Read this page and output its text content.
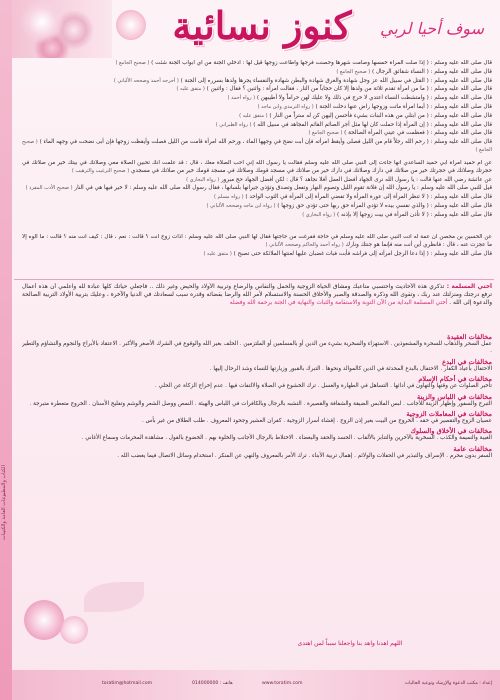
الكتاب والمطبوعات العامة والكتيبات
كنوز نسائية	سوف أحيا لربي

قال صلى الله عليه وسلم : ( إذا صلت المرأة خمسها وصامت شهرها وحصنت فرجها وأطاعت زوجها قيل لها : ادخلي الجنة من أي أبواب الجنة شئت ) ( صحيح الجامع )

قال صلى الله عليه وسلم : ( النساء شقائق الرجال ) ( صحيح الجامع )

قال صلى الله عليه وسلم : ( القتل في سبيل الله عز وجل شهادة والغرق شهادة والبطن شهادة والنفساء يجرها ولدها بسرره إلى الجنة ) ( أخرجه أحمد وصححه الألباني )

قال صلى الله عليه وسلم : ( ما من امرأة تقدم ثلاثة من ولدها إلا كان حجاباً من النار ، فقالت امرأة : واثنين ؟ فقال : واثنين ) ( متفق عليه )

قال صلى الله عليه وسلم : ( وامتشطت النساء اعتدي لا حرج في ذلك ولا عليك لهن حراماً ولا أطيبهن ) ( رواه أحمد )

قال صلى الله عليه وسلم : ( أيما امرأة ماتت وزوجها راض عنها دخلت الجنة ) ( رواه الترمذي وابن ماجه )

قال صلى الله عليه وسلم : ( من ابتلي من هذه البنات بشيء فأحسن إليهن كن له ستراً من النار ) ( متفق عليه )

قال صلى الله عليه وسلم : ( إن المرأة إذا حملت كان لها مثل أجر الصائم القائم المجاهد في سبيل الله ) ( رواه الطبراني )

قال صلى الله عليه وسلم : ( فعظمت في عيني المرأة الصالحة ) ( صحيح الجامع )

قال صلى الله عليه وسلم : ( رحم الله رجلاً قام من الليل فصلى وأيقظ امرأته فإن أبت نضح في وجهها الماء ، ورحم الله امرأة قامت من الليل فصلت وأيقظت زوجها فإن أبى نضحت في وجهه الماء ) ( صحيح الجامع )

عن أم حميد امرأة أبي حميد الساعدي أنها جاءت إلى النبي صلى الله عليه وسلم فقالت يا رسول الله إني أحب الصلاة معك ، قال : قد علمت أنك تحبين الصلاة معي وصلاتك في بيتك خير من صلاتك في حجرتك وصلاتك في حجرتك خير من صلاتك في دارك وصلاتك في دارك خير من صلاتك في مسجد قومك وصلاتك في مسجد قومك خير من صلاتك في مسجدي ( صحيح الترغيب والترهيب )

عن عائشة رضي الله عنها قالت : يا رسول الله نرى الجهاد أفضل العمل أفلا نجاهد ؟ قال : لكن أفضل الجهاد حج مبرور ( رواه البخاري )

قيل للنبي صلى الله عليه وسلم : يا رسول الله إن فلانة تقوم الليل وتصوم النهار وتفعل وتصدق وتؤذي جيرانها بلسانها ، فقال رسول الله صلى الله عليه وسلم : لا خير فيها هي في النار ( صحيح الأدب المفرد )

قال صلى الله عليه وسلم : ( لا تنظر المرأة إلى عورة المرأة ولا تفضي المرأة إلى المرأة في الثوب الواحد ) ( رواه مسلم )

قال صلى الله عليه وسلم : ( والذي نفسي بيده لا تؤدي المرأة حق ربها حتى تؤدي حق زوجها ) ( رواه ابن ماجه وصححه الألباني )

قال صلى الله عليه وسلم : ( لا تأذن المرأة في بيت زوجها إلا بإذنه ) ( رواه البخاري )

عن الحسين بن محصن أن عمة له أتت النبي صلى الله عليه وسلم في حاجة ففرغت من حاجتها فقال لها النبي صلى الله عليه وسلم : أذات زوج أنت ؟ قالت : نعم ، قال : كيف أنت منه ؟ قالت : ما آلوه إلا ما عجزت عنه ، قال : فانظري أين أنت منه فإنما هو جنتك ونارك ( رواه أحمد والحاكم وصححه الألباني )

قال صلى الله عليه وسلم : ( إذا دعا الرجل امرأته إلى فراشه فأبت فبات غضبان عليها لعنتها الملائكة حتى تصبح ) ( متفق عليه )

أختي المسلمة : تذكري هذه الأحاديث واحتسبي متاعبك ومشاق الحياة الزوجية والحمل والنفاس والرضاع وتربية الأولاد والحيض وغير ذلك .. فاجعلي حياتك كلها عبادة لله واعلمي أن هذه أعمال ترفع درجتك ومنزلتك عند ربك ، وتقوى الله وذكره والصدقة والصبر والأخلاق الحسنة والاستسلام لأمر الله والرضا بقضائه وقدره سبب لسعادتك في الدنيا والآخرة ، وعليك بتربية الأولاد التربية الصالحة والدعوة إلى الله . أختي المسلمة البداية من الآن التوبة والاستقامة والثبات والنهاية في الجنة برحمة الله وفضله
مخالفات العقيدة
عمل السحر والذهاب للسحرة والمشعوذين . الاستهزاء والسخرية بشيء من الدين أو بالمسلمين أو الملتزمين . الحلف بغير الله والوقوع في الشرك الأصغر والأكبر . الاعتقاد بالأبراج والنجوم والتشاؤم والتطير .
مخالفات في البدع
الاحتفال بأعياد الكفار . الاحتفال بالبدع المحدثة في الدين كالموالد ونحوها . التبرك بالقبور وزيارتها للنساء وشد الرحال إليها .
مخالفات في أحكام الإسلام
تأخير الصلوات عن وقتها والتهاون في أدائها . التساهل في الطهارة والغسل . ترك الخشوع في الصلاة والالتفات فيها . عدم إخراج الزكاة عن الحلي .
مخالفات في اللباس والزينة
التبرج والسفور وإظهار الزينة للأجانب . لبس الملابس الضيقة والشفافة والقصيرة . التشبه بالرجال وبالكافرات في اللباس والهيئة . النمص ووصل الشعر والوشم وتفليج الأسنان . الخروج متعطرة متبرجة .
مخالفات في المعاملات الزوجية
عصيان الزوج والتقصير في حقه . الخروج من البيت بغير إذن الزوج . إفشاء أسرار الزوجية . كفران العشير وجحود المعروف . طلب الطلاق من غير بأس .
مخالفات في الأخلاق والسلوك
الغيبة والنميمة والكذب . السخرية بالآخرين والتنابز بالألقاب . الحسد والحقد والبغضاء . الاختلاط بالرجال الأجانب والخلوة بهم . الخضوع بالقول . مشاهدة المحرمات وسماع الأغاني .
مخالفات عامة
السفر بدون محرم . الإسراف والتبذير في الحفلات والولائم . إهمال تربية الأبناء . ترك الأمر بالمعروف والنهي عن المنكر . استخدام وسائل الاتصال فيما يغضب الله .
اللهم اهدنا واهد بنا واجعلنا سبباً لمن اهتدى
toratim@hotmail.com	هاتف : 014000000	www.toratim.com	إعداد : مكتب الدعوة والإرشاد وتوعية الجاليات
